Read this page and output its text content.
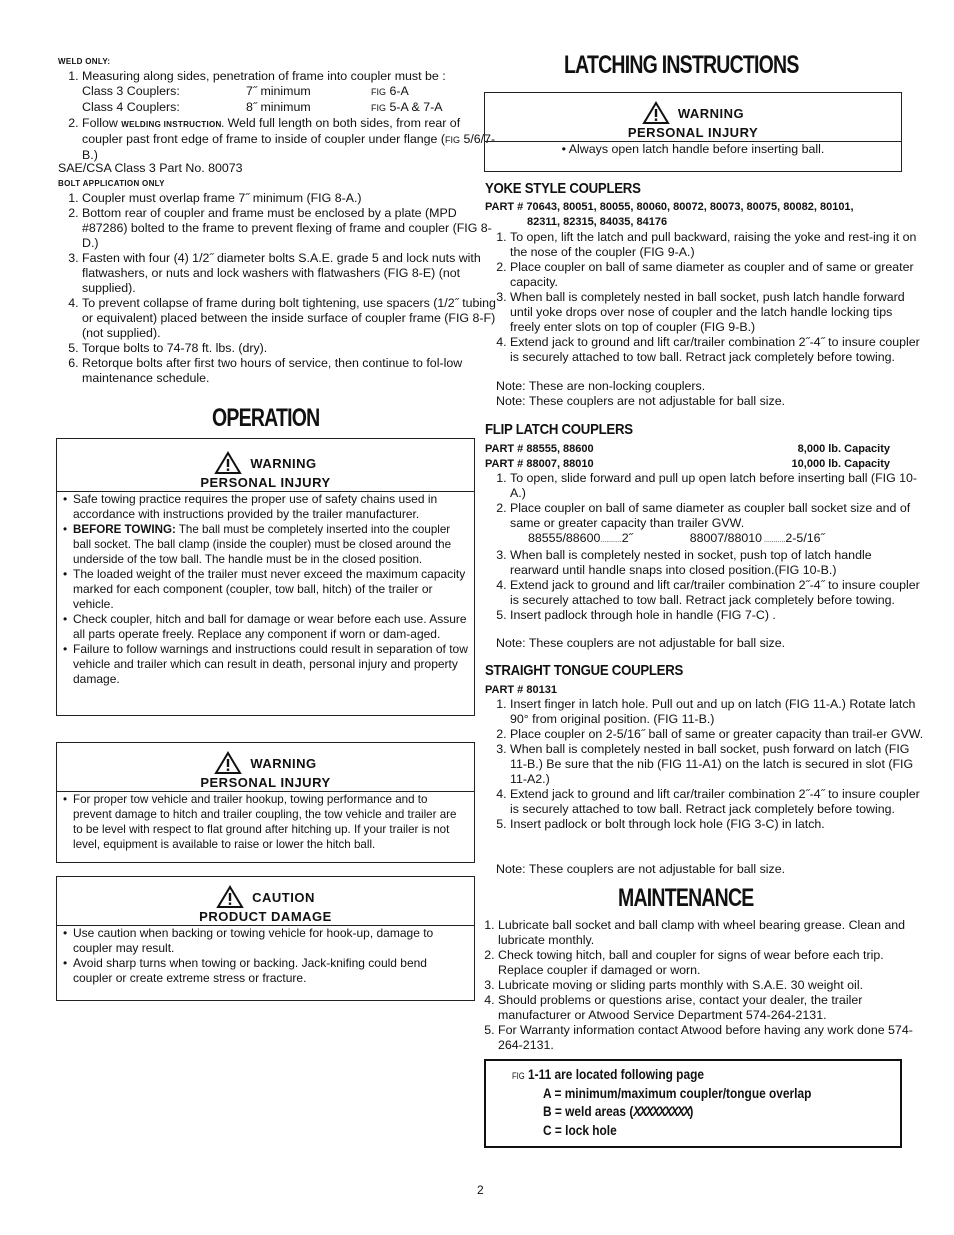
WELD ONLY:
1. Measuring along sides, penetration of frame into coupler must be :
Class 3 Couplers:	7˝ minimum	FIG 6-A
Class 4 Couplers:	8˝ minimum	FIG 5-A & 7-A
2. Follow WELDING INSTRUCTION. Weld full length on both sides, from rear of coupler past front edge of frame to inside of coupler under flange (FIG 5/6/7-B.)
SAE/CSA Class 3 Part No. 80073
BOLT APPLICATION ONLY
1. Coupler must overlap frame 7˝ minimum (FIG 8-A.)
2. Bottom rear of coupler and frame must be enclosed by a plate (MPD #87286) bolted to the frame to prevent flexing of frame and coupler (FIG 8-D.)
3. Fasten with four (4) 1/2˝ diameter bolts S.A.E. grade 5 and lock nuts with flatwashers, or nuts and lock washers with flatwashers (FIG 8-E) (not supplied).
4. To prevent collapse of frame during bolt tightening, use spacers (1/2˝ tubing or equivalent) placed between the inside surface of coupler frame (FIG 8-F) (not supplied).
5. Torque bolts to 74-78 ft. lbs. (dry).
6. Retorque bolts after first two hours of service, then continue to fol-low maintenance schedule.
OPERATION
WARNING
PERSONAL INJURY
• Safe towing practice requires the proper use of safety chains used in accordance with instructions provided by the trailer manufacturer.
• BEFORE TOWING: The ball must be completely inserted into the coupler ball socket. The ball clamp (inside the coupler) must be closed around the underside of the tow ball. The handle must be in the closed position.
• The loaded weight of the trailer must never exceed the maximum capacity marked for each component (coupler, tow ball, hitch) of the trailer or vehicle.
• Check coupler, hitch and ball for damage or wear before each use. Assure all parts operate freely. Replace any component if worn or dam-aged.
• Failure to follow warnings and instructions could result in separation of tow vehicle and trailer which can result in death, personal injury and property damage.
WARNING
PERSONAL INJURY
• For proper tow vehicle and trailer hookup, towing performance and to prevent damage to hitch and trailer coupling, the tow vehicle and trailer are to be level with respect to flat ground after hitching up. If your trailer is not level, equipment is available to raise or lower the hitch ball.
CAUTION
PRODUCT DAMAGE
• Use caution when backing or towing vehicle for hook-up, damage to coupler may result.
• Avoid sharp turns when towing or backing. Jack-knifing could bend coupler or create extreme stress or fracture.
LATCHING INSTRUCTIONS
WARNING
PERSONAL INJURY
• Always open latch handle before inserting ball.
YOKE STYLE COUPLERS
PART # 70643, 80051, 80055, 80060, 80072, 80073, 80075, 80082, 80101,
82311, 82315, 84035, 84176
1. To open, lift the latch and pull backward, raising the yoke and rest-ing it on the nose of the coupler (FIG 9-A.)
2. Place coupler on ball of same diameter as coupler and of same or greater capacity.
3. When ball is completely nested in ball socket, push latch handle forward until yoke drops over nose of coupler and the latch handle locking tips freely enter slots on top of coupler (FIG 9-B.)
4. Extend jack to ground and lift car/trailer combination 2˝-4˝ to insure coupler is securely attached to tow ball. Retract jack completely before towing.
Note: These are non-locking couplers.
Note: These couplers are not adjustable for ball size.
FLIP LATCH COUPLERS
PART # 88555, 88600	8,000 lb. Capacity
PART # 88007, 88010	10,000 lb. Capacity
1. To open, slide forward and pull up open latch before inserting ball (FIG 10-A.)
2. Place coupler on ball of same diameter as coupler ball socket size and of same or greater capacity than trailer GVW.
88555/88600...........2˝	88007/88010 ...........2-5/16˝
3. When ball is completely nested in socket, push top of latch handle rearward until handle snaps into closed position.(FIG 10-B.)
4. Extend jack to ground and lift car/trailer combination 2˝-4˝ to insure coupler is securely attached to tow ball. Retract jack completely before towing.
5. Insert padlock through hole in handle (FIG 7-C) .
Note: These couplers are not adjustable for ball size.
STRAIGHT TONGUE COUPLERS
PART # 80131
1. Insert finger in latch hole. Pull out and up on latch (FIG 11-A.) Rotate latch 90° from original position. (FIG 11-B.)
2. Place coupler on 2-5/16˝ ball of same or greater capacity than trail-er GVW.
3. When ball is completely nested in ball socket, push forward on latch (FIG 11-B.) Be sure that the nib (FIG 11-A1) on the latch is secured in slot (FIG 11-A2.)
4. Extend jack to ground and lift car/trailer combination 2˝-4˝ to insure coupler is securely attached to tow ball. Retract jack completely before towing.
5. Insert padlock or bolt through lock hole (FIG 3-C) in latch.
Note: These couplers are not adjustable for ball size.
MAINTENANCE
1. Lubricate ball socket and ball clamp with wheel bearing grease. Clean and lubricate monthly.
2. Check towing hitch, ball and coupler for signs of wear before each trip. Replace coupler if damaged or worn.
3. Lubricate moving or sliding parts monthly with S.A.E. 30 weight oil.
4. Should problems or questions arise, contact your dealer, the trailer manufacturer or Atwood Service Department 574-264-2131.
5. For Warranty information contact Atwood before having any work done 574-264-2131.
FIG 1-11 are located following page
A = minimum/maximum coupler/tongue overlap
B = weld areas (XXXXXXXXX)
C = lock hole
2
